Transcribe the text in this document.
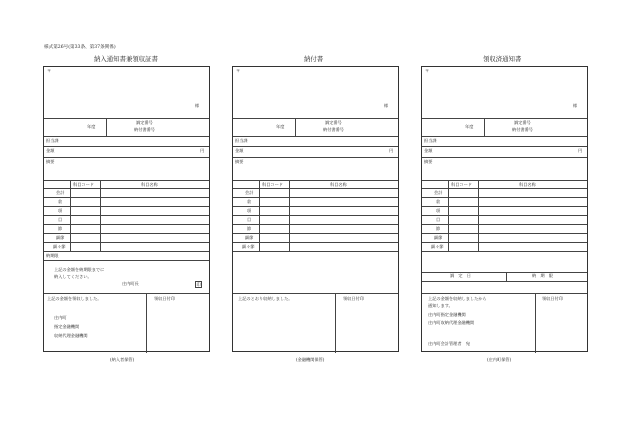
様式第26号(第33条、第37条関係)
納入通知書兼領収証書
〒
様
年度
調定番号
納付書番号
担当課
金額	円
摘要
科目コード	科目名称
会計
款
項
目
節
細節
細々節
納期限
上記の金額を納期限までに
納入してください。
庄内町長	印
上記の金額を領収しました。	領収日付印
庄内町
指定金融機関
収納代理金融機関
(納入者保管)
納付書
〒
様
年度
調定番号
納付書番号
担当課
金額	円
摘要
科目コード	科目名称
会計
款
項
目
節
細節
細々節
上記のとおり収納しました。	領収日付印
(金融機関保管)
領収済通知書
〒
様
年度
調定番号
納付書番号
担当課
金額	円
摘要
科目コード	科目名称
会計
款
項
目
節
細節
細々節
調　定　日	納　期　限
上記の金額を収納しましたから
通知します。
領収日付印
庄内町指定金融機関
庄内町収納代理金融機関
庄内町会計管理者　宛
(庄内町保管)
